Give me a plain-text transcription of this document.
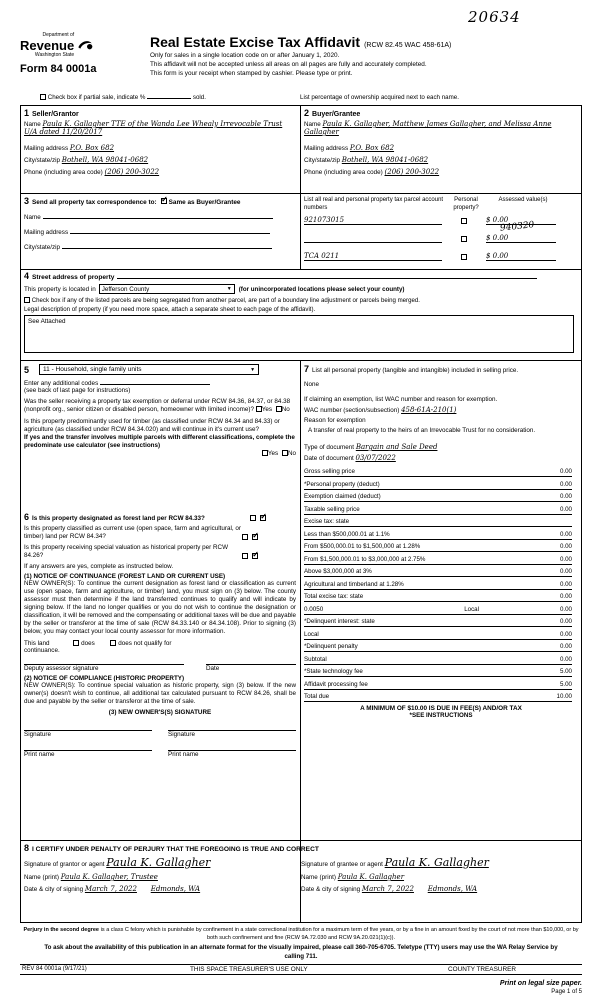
20634
Department of
Revenue
Washington State
Form 84 0001a
Real Estate Excise Tax Affidavit (RCW 82.45 WAC 458-61A)
Only for sales in a single location code on or after January 1, 2020.
This affidavit will not be accepted unless all areas on all pages are fully and accurately completed.
This form is your receipt when stamped by cashier. Please type or print.
Check box if partial sale, indicate %	sold.	List percentage of ownership acquired next to each name.
1 Seller/Grantor
Name Paula K. Gallagher TTE of the Wanda Lee Whealy Irrevocable Trust U/A dated 11/20/2017
Mailing address P.O. Box 682
City/state/zip Bothell, WA 98041-0682
Phone (including area code) (206) 200-3022
2 Buyer/Grantee
Name Paula K. Gallagher, Matthew James Gallagher, and Melissa Anne Gallagher
Mailing address P.O. Box 682
City/state/zip Bothell, WA 98041-0682
Phone (including area code) (206) 200-3022
3 Send all property tax correspondence to: ✓ Same as Buyer/Grantee
Name
Mailing address
City/state/zip
List all real and personal property tax parcel account numbers
Personal property?
Assessed value(s)
921073015	$ 0.00

$ 0.00
TCA 0211	$ 0.00
940320
4 Street address of property
This property is located in Jefferson County	▼ (for unincorporated locations please select your county)
Check box if any of the listed parcels are being segregated from another parcel, are part of a boundary line adjustment or parcels being merged.
Legal description of property (if you need more space, attach a separate sheet to each page of the affidavit).
See Attached
5 11 - Household, single family units	▼
Enter any additional codes
(see back of last page for instructions)
Was the seller receiving a property tax exemption or deferral under RCW 84.36, 84.37, or 84.38 (nonprofit org., senior citizen or disabled person, homeowner with limited income)? Yes No
Is this property predominantly used for timber (as classified under RCW 84.34 and 84.33) or agriculture (as classified under RCW 84.34.020) and will continue in it's current use?
If yes and the transfer involves multiple parcels with different classifications, complete the predominate use calculator (see instructions)
Yes No
6 Is this property designated as forest land per RCW 84.33?
✓
Is this property classified as current use (open space, farm and agricultural, or timber) land per RCW 84.34?
✓
Is this property receiving special valuation as historical property per RCW 84.26?
✓
If any answers are yes, complete as instructed below.
(1) NOTICE OF CONTINUANCE (FOREST LAND OR CURRENT USE)
NEW OWNER(S): To continue the current designation as forest land or classification as current use (open space, farm and agriculture, or timber) land, you must sign on (3) below. The county assessor must then determine if the land transferred continues to qualify and will indicate by signing below. If the land no longer qualifies or you do not wish to continue the designation or classification, it will be removed and the compensating or additional taxes will be due and payable by the seller or transferor at the time of sale (RCW 84.33.140 or 84.34.108). Prior to signing (3) below, you may contact your local county assessor for more information.
This land	does	does not qualify for
continuance.
Deputy assessor signature	Date
(2) NOTICE OF COMPLIANCE (HISTORIC PROPERTY)
NEW OWNER(S): To continue special valuation as historic property, sign (3) below. If the new owner(s) doesn't wish to continue, all additional tax calculated pursuant to RCW 84.26, shall be due and payable by the seller or transferor at the time of sale.
(3) NEW OWNER'S(S) SIGNATURE
Signature	Signature
Print name	Print name
7 List all personal property (tangible and intangible) included in selling price.
None
If claiming an exemption, list WAC number and reason for exemption.
WAC number (section/subsection) 458-61A-210(1)
Reason for exemption
A transfer of real property to the heirs of an Irrevocable Trust for no consideration.
Type of document Bargain and Sale Deed
Date of document 03/07/2022
Gross selling price	0.00
*Personal property (deduct)	0.00
Exemption claimed (deduct)	0.00
Taxable selling price	0.00
Excise tax: state
Less than $500,000.01 at 1.1%	0.00
From $500,000.01 to $1,500,000 at 1.28%	0.00
From $1,500,000.01 to $3,000,000 at 2.75%	0.00
Above $3,000,000 at 3%	0.00
Agricultural and timberland at 1.28%	0.00
Total excise tax: state	0.00
0.0050	Local	0.00
*Delinquent interest: state	0.00
Local	0.00
*Delinquent penalty	0.00
Subtotal	0.00
*State technology fee	5.00
Affidavit processing fee	5.00
Total due	10.00
A MINIMUM OF $10.00 IS DUE IN FEE(S) AND/OR TAX
*SEE INSTRUCTIONS
8 I CERTIFY UNDER PENALTY OF PERJURY THAT THE FOREGOING IS TRUE AND CORRECT
Signature of grantor or agent Paula K. Gallagher
Name (print) Paula K. Gallagher, Trustee
Date & city of signing March 7, 2022 Edmonds, WA
Signature of grantee or agent Paula K. Gallagher
Name (print) Paula K. Gallagher
Date & city of signing March 7, 2022 Edmonds, WA
Perjury in the second degree is a class C felony which is punishable by confinement in a state correctional institution for a maximum term of five years, or by a fine in an amount fixed by the court of not more than $10,000, or by both such confinement and fine (RCW 9A.72.030 and RCW 9A.20.021(1)(c)).
To ask about the availability of this publication in an alternate format for the visually impaired, please call 360-705-6705. Teletype (TTY) users may use the WA Relay Service by calling 711.
REV 84 0001a (9/17/21)	THIS SPACE TREASURER'S USE ONLY	COUNTY TREASURER
Print on legal size paper.
Page 1 of 5
